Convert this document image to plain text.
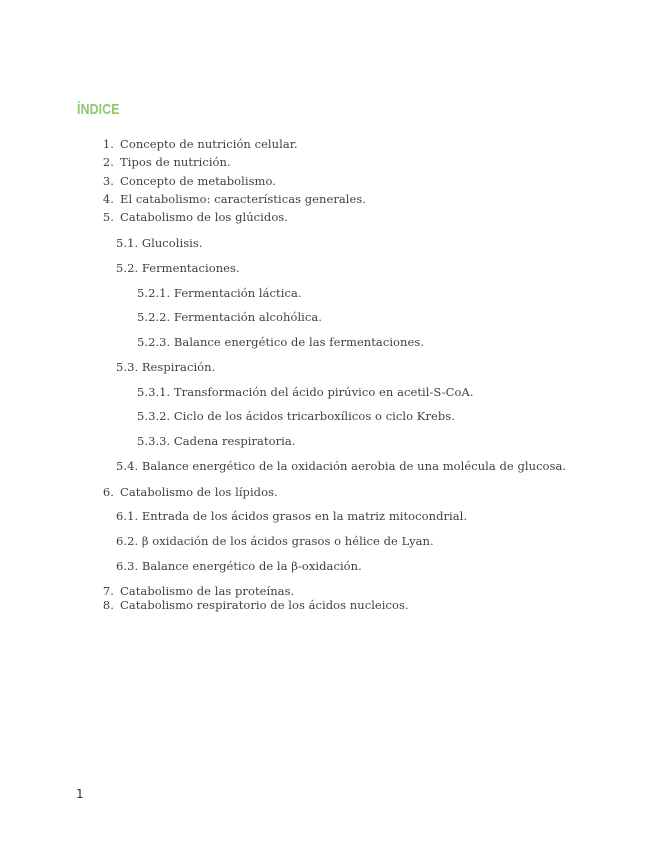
ÍNDICE
1. Concepto de nutrición celular.
2. Tipos de nutrición.
3. Concepto de metabolismo.
4. El catabolismo: características generales.
5. Catabolismo de los glúcidos.
5.1. Glucolisis.
5.2. Fermentaciones.
5.2.1. Fermentación láctica.
5.2.2. Fermentación alcohólica.
5.2.3. Balance energético de las fermentaciones.
5.3. Respiración.
5.3.1. Transformación del ácido pirúvico en acetil-S-CoA.
5.3.2. Ciclo de los ácidos tricarboxílicos o ciclo Krebs.
5.3.3. Cadena respiratoria.
5.4. Balance energético de la oxidación aerobia de una molécula de glucosa.
6. Catabolismo de los lípidos.
6.1. Entrada de los ácidos grasos en la matriz mitocondrial.
6.2. β oxidación de los ácidos grasos o hélice de Lyan.
6.3. Balance energético de la β-oxidación.
7. Catabolismo de las proteínas.
8. Catabolismo respiratorio de los ácidos nucleicos.
1
